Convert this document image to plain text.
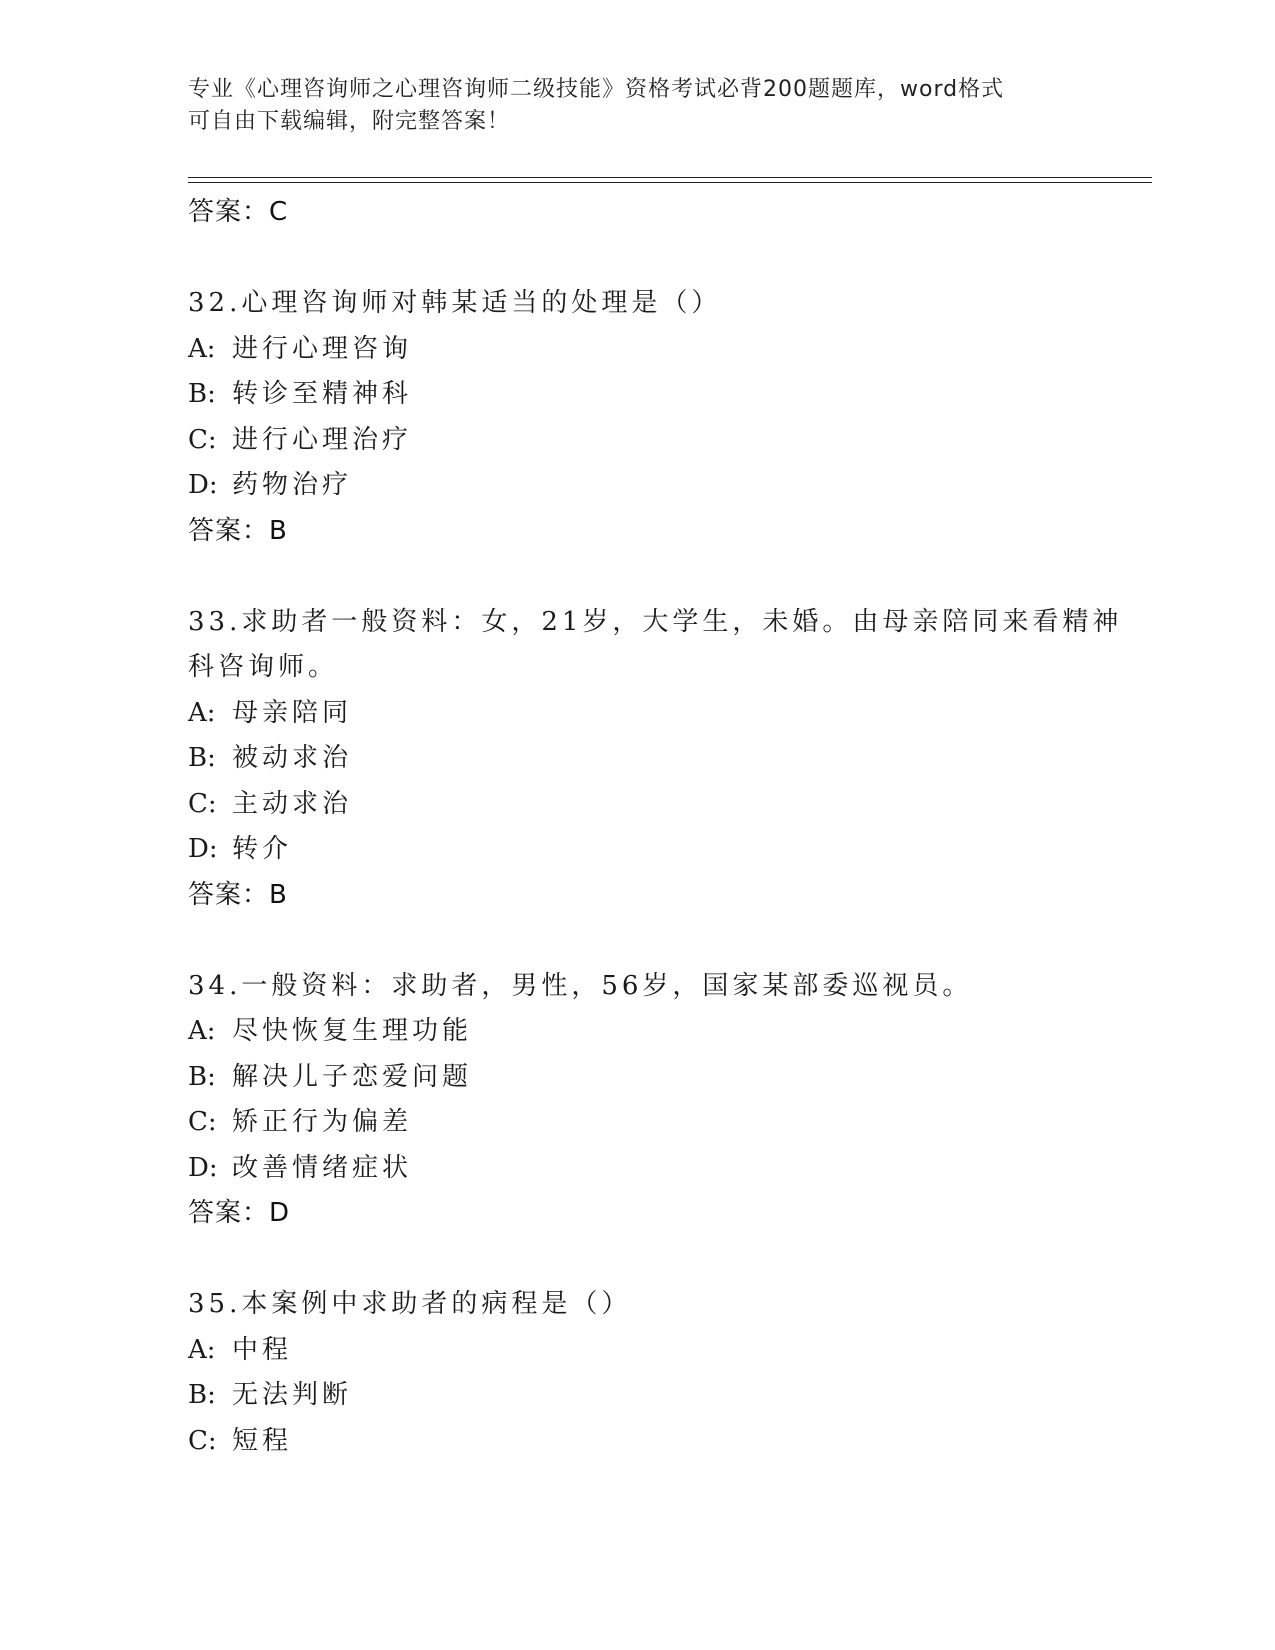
专业《心理咨询师之心理咨询师二级技能》资格考试必背200题题库，word格式
可自由下载编辑，附完整答案！
答案：C
32.心理咨询师对韩某适当的处理是（）
A: 进行心理咨询
B: 转诊至精神科
C: 进行心理治疗
D: 药物治疗
答案：B
33.求助者一般资料：女，21岁，大学生，未婚。由母亲陪同来看精神
科咨询师。
A: 母亲陪同
B: 被动求治
C: 主动求治
D: 转介
答案：B
34.一般资料：求助者，男性，56岁，国家某部委巡视员。
A: 尽快恢复生理功能
B: 解决儿子恋爱问题
C: 矫正行为偏差
D: 改善情绪症状
答案：D
35.本案例中求助者的病程是（）
A: 中程
B: 无法判断
C: 短程
